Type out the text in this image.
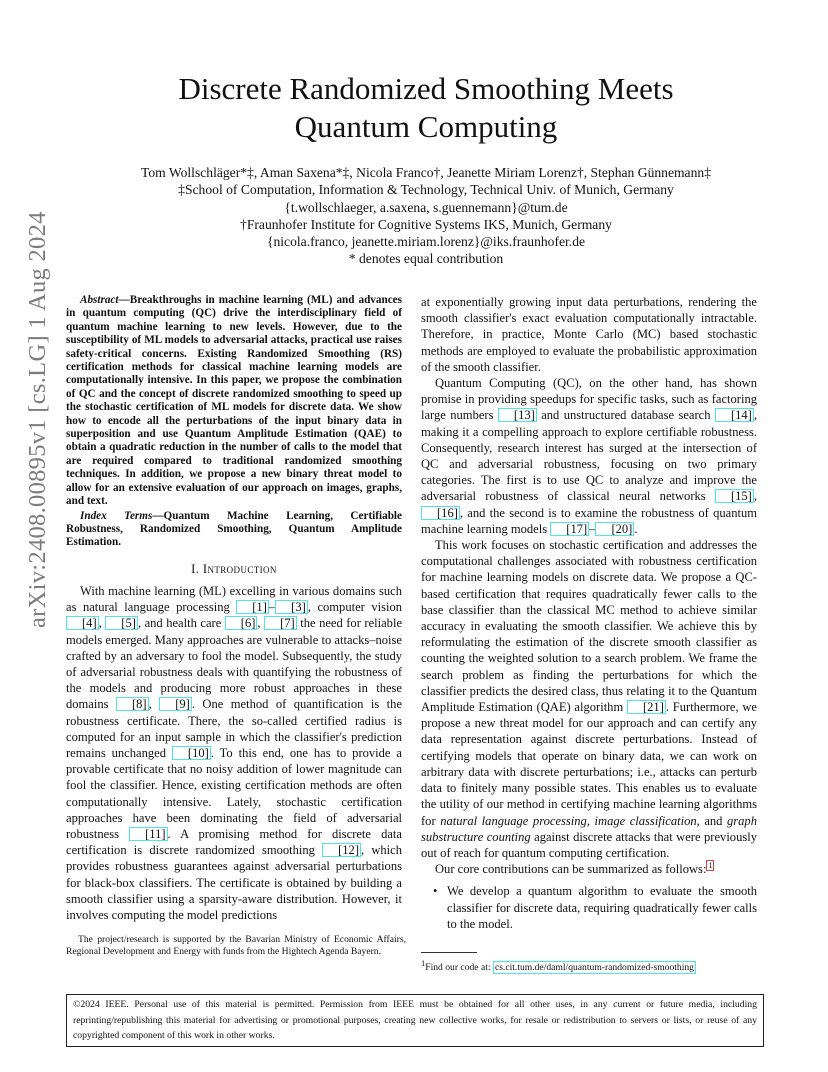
arXiv:2408.00895v1 [cs.LG] 1 Aug 2024
Discrete Randomized Smoothing Meets
Quantum Computing
Tom Wollschläger*‡, Aman Saxena*‡, Nicola Franco†, Jeanette Miriam Lorenz†, Stephan Günnemann‡
‡School of Computation, Information & Technology, Technical Univ. of Munich, Germany
{t.wollschlaeger, a.saxena, s.guennemann}@tum.de
†Fraunhofer Institute for Cognitive Systems IKS, Munich, Germany
{nicola.franco, jeanette.miriam.lorenz}@iks.fraunhofer.de
* denotes equal contribution

Abstract—Breakthroughs in machine learning (ML) and advances in quantum computing (QC) drive the interdisciplinary field of quantum machine learning to new levels. However, due to the susceptibility of ML models to adversarial attacks, practical use raises safety-critical concerns. Existing Randomized Smoothing (RS) certification methods for classical machine learning models are computationally intensive. In this paper, we propose the combination of QC and the concept of discrete randomized smoothing to speed up the stochastic certification of ML models for discrete data. We show how to encode all the perturbations of the input binary data in superposition and use Quantum Amplitude Estimation (QAE) to obtain a quadratic reduction in the number of calls to the model that are required compared to traditional randomized smoothing techniques. In addition, we propose a new binary threat model to allow for an extensive evaluation of our approach on images, graphs, and text.

Index Terms—Quantum Machine Learning, Certifiable Robustness, Randomized Smoothing, Quantum Amplitude Estimation.

I. Introduction

With machine learning (ML) excelling in various domains such as natural language processing [1] – [3] , computer vision [4] , [5] , and health care [6] , [7] the need for reliable models emerged. Many approaches are vulnerable to attacks–noise crafted by an adversary to fool the model. Subsequently, the study of adversarial robustness deals with quantifying the robustness of the models and producing more robust approaches in these domains [8] , [9] . One method of quantification is the robustness certificate. There, the so-called certified radius is computed for an input sample in which the classifier's prediction remains unchanged [10] . To this end, one has to provide a provable certificate that no noisy addition of lower magnitude can fool the classifier. Hence, existing certification methods are often computationally intensive. Lately, stochastic certification approaches have been dominating the field of adversarial robustness [11] . A promising method for discrete data certification is discrete randomized smoothing [12] , which provides robustness guarantees against adversarial perturbations for black-box classifiers. The certificate is obtained by building a smooth classifier using a sparsity-aware distribution. However, it involves computing the model predictions

The project/research is supported by the Bavarian Ministry of Economic Affairs, Regional Development and Energy with funds from the Hightech Agenda Bayern.

at exponentially growing input data perturbations, rendering the smooth classifier's exact evaluation computationally intractable. Therefore, in practice, Monte Carlo (MC) based stochastic methods are employed to evaluate the probabilistic approximation of the smooth classifier.

Quantum Computing (QC), on the other hand, has shown promise in providing speedups for specific tasks, such as factoring large numbers [13] and unstructured database search [14] , making it a compelling approach to explore certifiable robustness. Consequently, research interest has surged at the intersection of QC and adversarial robustness, focusing on two primary categories. The first is to use QC to analyze and improve the adversarial robustness of classical neural networks [15] , [16] , and the second is to examine the robustness of quantum machine learning models [17] – [20] .

This work focuses on stochastic certification and addresses the computational challenges associated with robustness certification for machine learning models on discrete data. We propose a QC-based certification that requires quadratically fewer calls to the base classifier than the classical MC method to achieve similar accuracy in evaluating the smooth classifier. We achieve this by reformulating the estimation of the discrete smooth classifier as counting the weighted solution to a search problem. We frame the search problem as finding the perturbations for which the classifier predicts the desired class, thus relating it to the Quantum Amplitude Estimation (QAE) algorithm [21] . Furthermore, we propose a new threat model for our approach and can certify any data representation against discrete perturbations. Instead of certifying models that operate on binary data, we can work on arbitrary data with discrete perturbations; i.e., attacks can perturb data to finitely many possible states. This enables us to evaluate the utility of our method in certifying machine learning algorithms for natural language processing, image classification, and graph substructure counting against discrete attacks that were previously out of reach for quantum computing certification.

Our core contributions can be summarized as follows: $^1$

• We develop a quantum algorithm to evaluate the smooth classifier for discrete data, requiring quadratically fewer calls to the model.
$^1$Find our code at: cs.cit.tum.de/daml/quantum-randomized-smoothing
©2024 IEEE. Personal use of this material is permitted. Permission from IEEE must be obtained for all other uses, in any current or future media, including reprinting/republishing this material for advertising or promotional purposes, creating new collective works, for resale or redistribution to servers or lists, or reuse of any copyrighted component of this work in other works.
